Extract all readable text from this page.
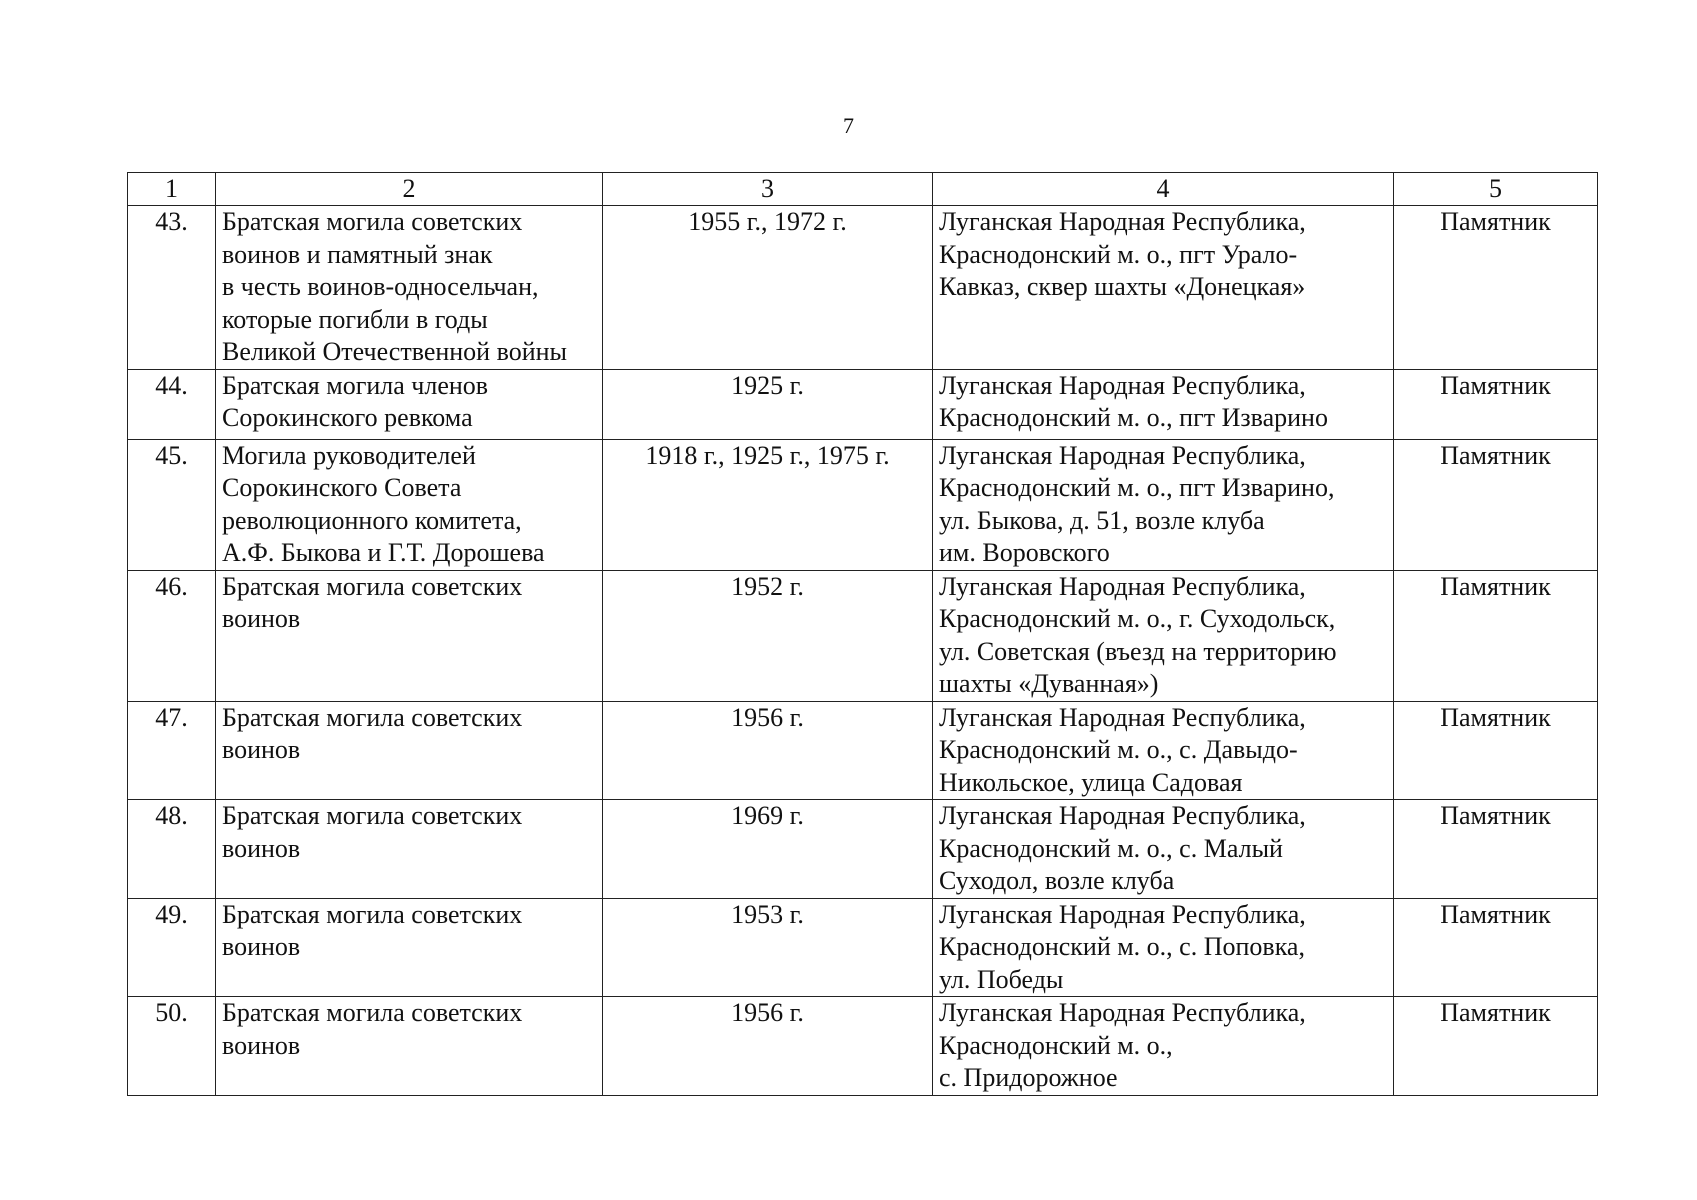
7
1	2	3	4	5
43.	Братская могила советских
воинов и памятный знак
в честь воинов-односельчан,
которые погибли в годы
Великой Отечественной войны	1955 г., 1972 г.	Луганская Народная Республика,
Краснодонский м. о., пгт Урало-
Кавказ, сквер шахты «Донецкая»	Памятник
44.	Братская могила членов
Сорокинского ревкома	1925 г.	Луганская Народная Республика,
Краснодонский м. о., пгт Изварино	Памятник
45.	Могила руководителей
Сорокинского Совета
революционного комитета,
А.Ф. Быкова и Г.Т. Дорошева	1918 г., 1925 г., 1975 г.	Луганская Народная Республика,
Краснодонский м. о., пгт Изварино,
ул. Быкова, д. 51, возле клуба
им. Воровского	Памятник
46.	Братская могила советских
воинов	1952 г.	Луганская Народная Республика,
Краснодонский м. о., г. Суходольск,
ул. Советская (въезд на территорию
шахты «Дуванная»)	Памятник
47.	Братская могила советских
воинов	1956 г.	Луганская Народная Республика,
Краснодонский м. о., с. Давыдо-
Никольское, улица Садовая	Памятник
48.	Братская могила советских
воинов	1969 г.	Луганская Народная Республика,
Краснодонский м. о., с. Малый
Суходол, возле клуба	Памятник
49.	Братская могила советских
воинов	1953 г.	Луганская Народная Республика,
Краснодонский м. о., с. Поповка,
ул. Победы	Памятник
50.	Братская могила советских
воинов	1956 г.	Луганская Народная Республика,
Краснодонский м. о.,
с. Придорожное	Памятник
